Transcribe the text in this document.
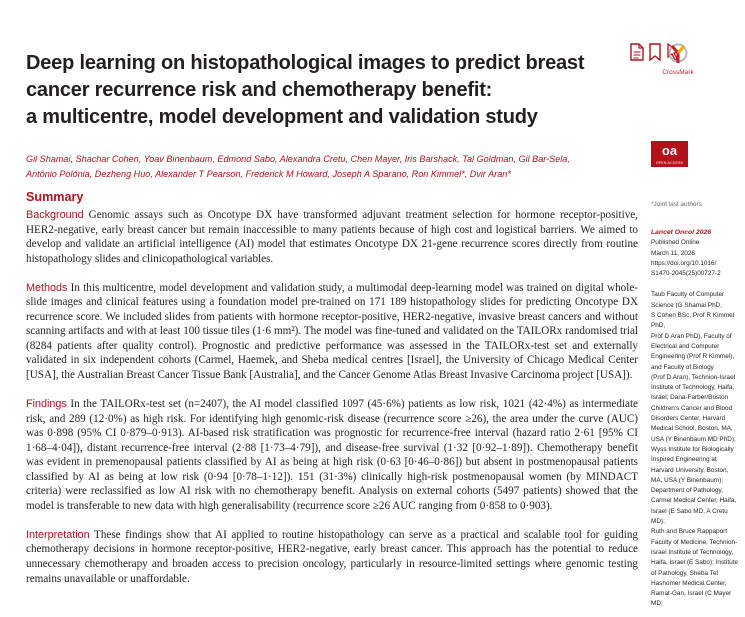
Deep learning on histopathological images to predict breast
cancer recurrence risk and chemotherapy benefit:
a multicentre, model development and validation study
CrossMark
oa
OPEN ACCESS

Gil Shamai, Shachar Cohen, Yoav Binenbaum, Edmond Sabo, Alexandra Cretu, Chen Mayer, Iris Barshack, Tal Goldman, Gil Bar-Sela,
Antônio Polónia, Dezheng Huo, Alexander T Pearson, Frederick M Howard, Joseph A Sparano, Ron Kimmel*, Dvir Aran*

Summary

Background Genomic assays such as Oncotype DX have transformed adjuvant treatment selection for hormone receptor-positive, HER2-negative, early breast cancer but remain inaccessible to many patients because of high cost and logistical barriers. We aimed to develop and validate an artificial intelligence (AI) model that estimates Oncotype DX 21-gene recurrence scores directly from routine histopathology slides and clinicopathological variables.

Methods In this multicentre, model development and validation study, a multimodal deep-learning model was trained on digital whole-slide images and clinical features using a foundation model pre-trained on 171 189 histopathology slides for predicting Oncotype DX recurrence score. We included slides from patients with hormone receptor-positive, HER2-negative, invasive breast cancers and without scanning artifacts and with at least 100 tissue tiles (1·6 mm²). The model was fine-tuned and validated on the TAILORx randomised trial (8284 patients after quality control). Prognostic and predictive performance was assessed in the TAILORx-test set and externally validated in six independent cohorts (Carmel, Haemek, and Sheba medical centres [Israel], the University of Chicago Medical Center [USA], the Australian Breast Cancer Tissue Bank [Australia], and the Cancer Genome Atlas Breast Invasive Carcinoma project [USA]).

Findings In the TAILORx-test set (n=2407), the AI model classified 1097 (45·6%) patients as low risk, 1021 (42·4%) as intermediate risk, and 289 (12·0%) as high risk. For identifying high genomic-risk disease (recurrence score ≥26), the area under the curve (AUC) was 0·898 (95% CI 0·879–0·913). AI-based risk stratification was prognostic for recurrence-free interval (hazard ratio 2·61 [95% CI 1·68–4·04]), distant recurrence-free interval (2·88 [1·73–4·79]), and disease-free survival (1·32 [0·92–1·89]). Chemotherapy benefit was evident in premenopausal patients classified by AI as being at high risk (0·63 [0·46–0·86]) but absent in postmenopausal patients classified by AI as being at low risk (0·94 [0·78–1·12]). 151 (31·3%) clinically high-risk postmenopausal women (by MINDACT criteria) were reclassified as low AI risk with no chemotherapy benefit. Analysis on external cohorts (5497 patients) showed that the model is transferable to new data with high generalisability (recurrence score ≥26 AUC ranging from 0·858 to 0·903).

Interpretation These findings show that AI applied to routine histopathology can serve as a practical and scalable tool for guiding chemotherapy decisions in hormone receptor-positive, HER2-negative, early breast cancer. This approach has the potential to reduce unnecessary chemotherapy and broaden access to precision oncology, particularly in resource-limited settings where genomic testing remains unavailable or unaffordable.

*Joint last authors

Lancet Oncol 2026

Published Online

March 11, 2026

https://doi.org/10.1016/

S1470-2045(25)00727-2

Taub Faculty of Computer

Science (G Shamai PhD,

S Cohen BSc, Prof R Kimmel PhD,

Prof D Aran PhD), Faculty of

Electrical and Computer

Engineering (Prof R Kimmel),

and Faculty of Biology

(Prof D Aran), Technion-Israel

Institute of Technology, Haifa,

Israel; Dana-Farber/Boston

Children's Cancer and Blood

Disorders Center, Harvard

Medical School, Boston, MA,

USA (Y Binenbaum MD PhD);

Wyss Institute for Biologically

Inspired Engineering at

Harvard University, Boston,

MA, USA (Y Binenbaum);

Department of Pathology,

Carmel Medical Center, Haifa,

Israel (E Sabo MD, A Cretu MD);

Ruth and Bruce Rappaport

Faculty of Medicine, Technion-

Israel Institute of Technology,

Haifa, Israel (E Sabo); Institute

of Pathology, Sheba Tel

Hashomer Medical Center,

Ramat-Gan, Israel (C Mayer MD,
